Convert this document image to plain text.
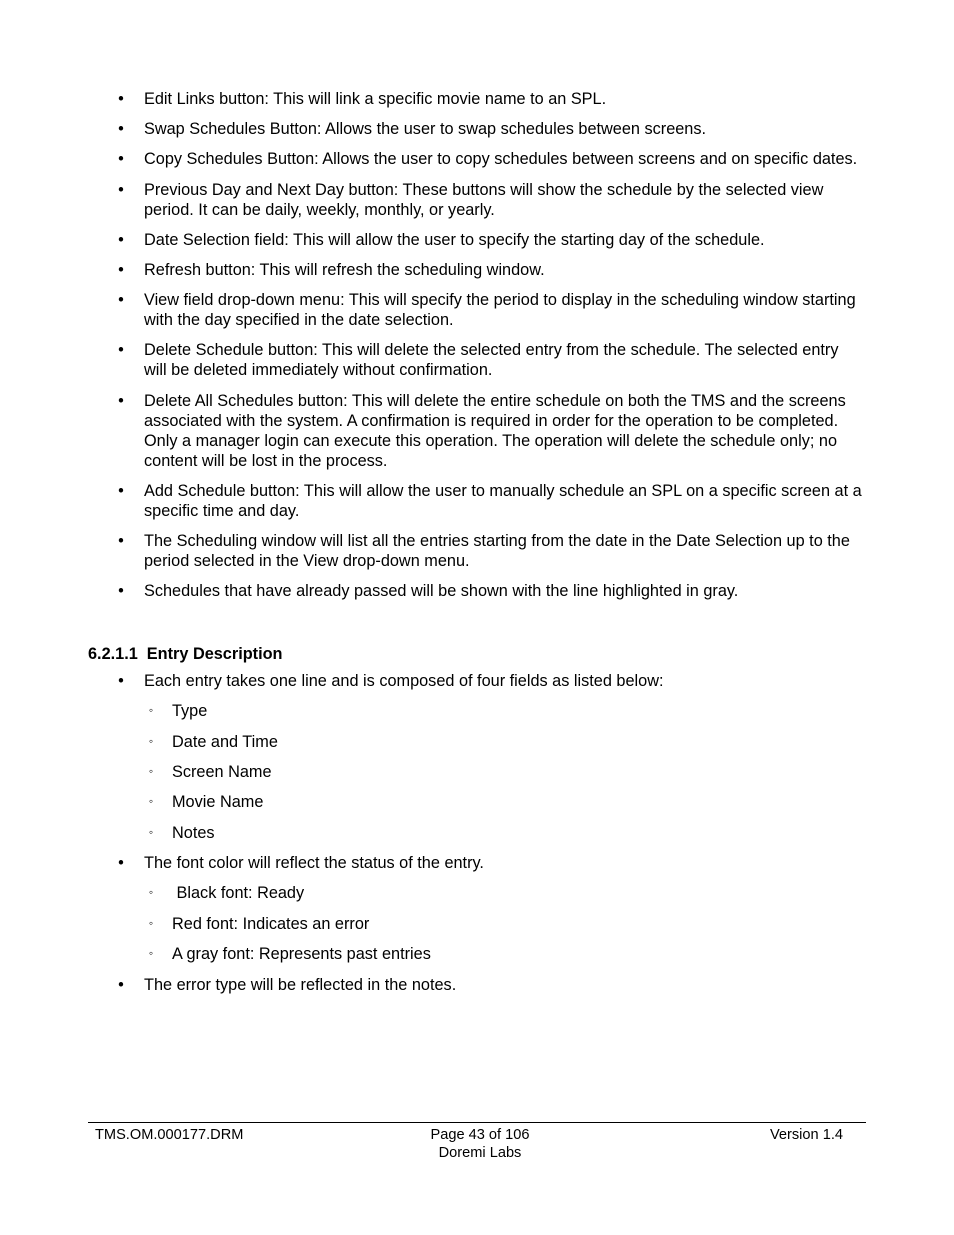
• Edit Links button: This will link a specific movie name to an SPL.
• Swap Schedules Button: Allows the user to swap schedules between screens.
• Copy Schedules Button: Allows the user to copy schedules between screens and on specific dates.
• Previous Day and Next Day button: These buttons will show the schedule by the selected view period. It can be daily, weekly, monthly, or yearly.
• Date Selection field: This will allow the user to specify the starting day of the schedule.
• Refresh button: This will refresh the scheduling window.
• View field drop-down menu: This will specify the period to display in the scheduling window starting with the day specified in the date selection.
• Delete Schedule button: This will delete the selected entry from the schedule. The selected entry will be deleted immediately without confirmation.
• Delete All Schedules button: This will delete the entire schedule on both the TMS and the screens associated with the system. A confirmation is required in order for the operation to be completed. Only a manager login can execute this operation. The operation will delete the schedule only; no content will be lost in the process.
• Add Schedule button: This will allow the user to manually schedule an SPL on a specific screen at a specific time and day.
• The Scheduling window will list all the entries starting from the date in the Date Selection up to the period selected in the View drop-down menu.
• Schedules that have already passed will be shown with the line highlighted in gray.
6.2.1.1 Entry Description
• Each entry takes one line and is composed of four fields as listed below:
◦ Type
◦ Date and Time
◦ Screen Name
◦ Movie Name
◦ Notes
• The font color will reflect the status of the entry.
◦ Black font: Ready
◦ Red font: Indicates an error
◦ A gray font: Represents past entries
• The error type will be reflected in the notes.
TMS.OM.000177.DRM	Page 43 of 106
Doremi Labs
Version 1.4
